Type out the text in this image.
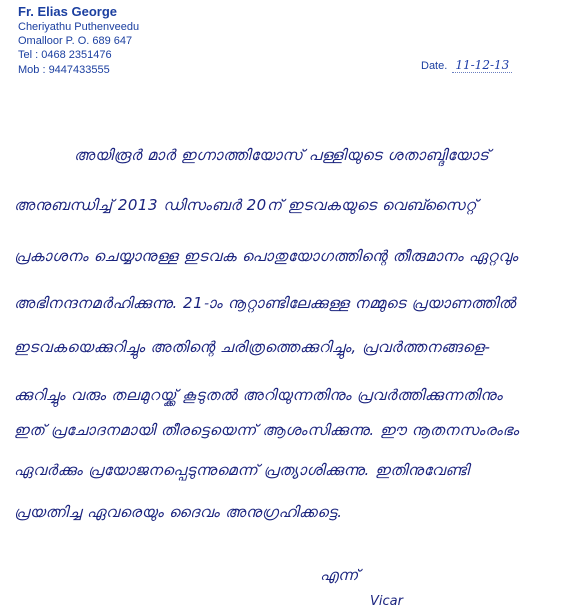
Fr. Elias George

Cheriyathu Puthenveedu

Omalloor P. O. 689 647

Tel : 0468 2351476

Mob : 9447433555	Date. 11-12-13
അയിരൂർ മാർ ഇഗ്നാത്തിയോസ് പള്ളിയുടെ ശതാബ്ദിയോട്
അനുബന്ധിച്ച് 2013 ഡിസംബർ 20ന് ഇടവകയുടെ വെബ്സൈറ്റ്
പ്രകാശനം ചെയ്യാനുള്ള ഇടവക പൊതുയോഗത്തിന്റെ തീരുമാനം ഏറ്റവും
അഭിനന്ദനമർഹിക്കുന്നു. 21-ാം നൂറ്റാണ്ടിലേക്കുള്ള നമ്മുടെ പ്രയാണത്തിൽ
ഇടവകയെക്കുറിച്ചും അതിന്റെ ചരിത്രത്തെക്കുറിച്ചും, പ്രവർത്തനങ്ങളെ-
ക്കുറിച്ചും വരും തലമുറയ്ക്ക് കൂടുതൽ അറിയുന്നതിനും പ്രവർത്തിക്കുന്നതിനും
ഇത് പ്രചോദനമായി തീരട്ടെയെന്ന് ആശംസിക്കുന്നു. ഈ നൂതനസംരംഭം
ഏവർക്കും പ്രയോജനപ്പെടുന്നുമെന്ന് പ്രത്യാശിക്കുന്നു. ഇതിനുവേണ്ടി
പ്രയത്നിച്ച ഏവരെയും ദൈവം അനുഗ്രഹിക്കട്ടെ.
എന്ന്
Vicar
